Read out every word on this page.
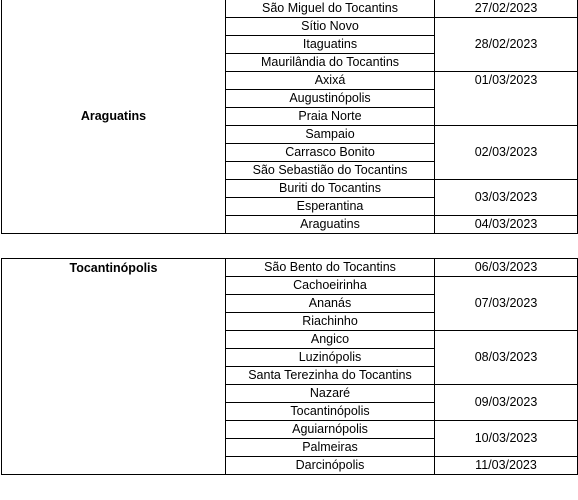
Araguatins	São Miguel do Tocantins	27/02/2023
	Sítio Novo	28/02/2023
	Itaguatins	
	Maurilândia do Tocantins	
	Axixá	01/03/2023
	Augustinópolis	
	Praia Norte	
	Sampaio	02/03/2023
	Carrasco Bonito	
	São Sebastião do Tocantins	
	Buriti do Tocantins	03/03/2023
	Esperantina	
	Araguatins	04/03/2023
Tocantinópolis	São Bento do Tocantins	06/03/2023
	Cachoeirinha	07/03/2023
	Ananás	
	Riachinho	
	Angico	08/03/2023
	Luzinópolis	
	Santa Terezinha do Tocantins	
	Nazaré	09/03/2023
	Tocantinópolis	
	Aguiarnópolis	10/03/2023
	Palmeiras	
	Darcinópolis	11/03/2023
